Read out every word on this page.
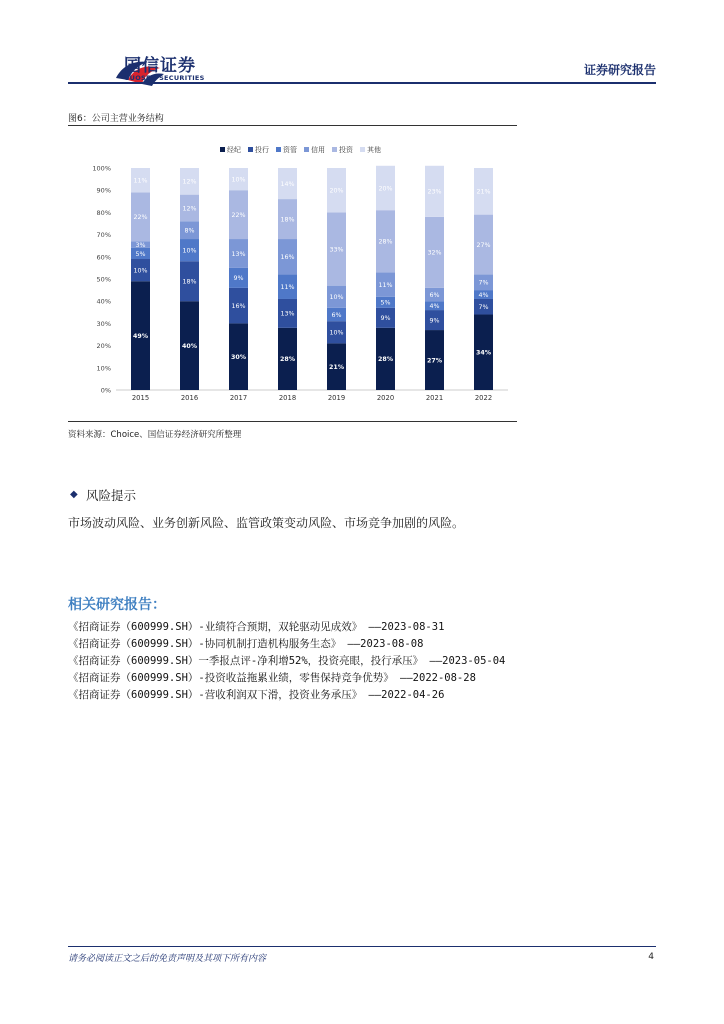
国信证券
GUOSEN SECURITIES
证券研究报告
图6：公司主营业务结构
经纪 投行 资管 信用 投资 其他
0%
10%
20%
30%
40%
50%
60%
70%
80%
90%
100%
49%
10%
5%
3%
22%
11%
2015
40%
18%
10%
8%
12%
12%
2016
30%
16%
9%
13%
22%
10%
2017
28%
13%
11%
16%
18%
14%
2018
21%
10%
6%
10%
33%
20%
2019
28%
9%
5%
11%
28%
20%
2020
27%
9%
4%
6%
32%
23%
2021
34%
7%
4%
7%
27%
21%
2022
资料来源：Choice、国信证券经济研究所整理
◆ 风险提示
市场波动风险、业务创新风险、监管政策变动风险、市场竞争加剧的风险。
相关研究报告：
《招商证券（600999.SH）-业绩符合预期，双轮驱动见成效》 ——2023-08-31
《招商证券（600999.SH）-协同机制打造机构服务生态》 ——2023-08-08
《招商证券（600999.SH）一季报点评-净利增52%，投资亮眼，投行承压》 ——2023-05-04
《招商证券（600999.SH）-投资收益拖累业绩，零售保持竞争优势》 ——2022-08-28
《招商证券（600999.SH）-营收利润双下滑，投资业务承压》 ——2022-04-26
请务必阅读正文之后的免责声明及其项下所有内容	4
